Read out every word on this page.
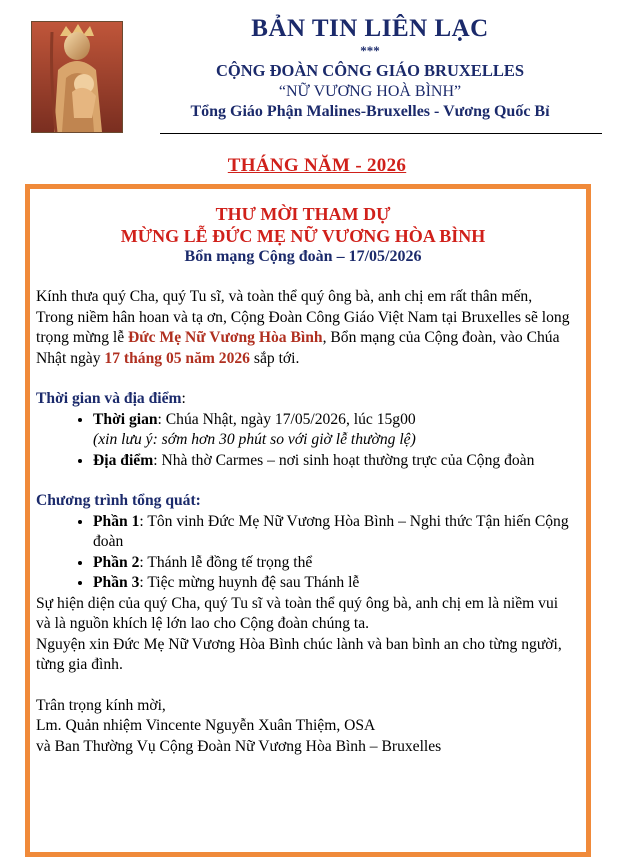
BẢN TIN LIÊN LẠC
***
CỘNG ĐOÀN CÔNG GIÁO BRUXELLES
“NỮ VƯƠNG HOÀ BÌNH”
Tổng Giáo Phận Malines-Bruxelles - Vương Quốc Bỉ
THÁNG NĂM - 2026
THƯ MỜI THAM DỰ
MỪNG LỄ ĐỨC MẸ NỮ VƯƠNG HÒA BÌNH
Bổn mạng Cộng đoàn – 17/05/2026
Kính thưa quý Cha, quý Tu sĩ, và toàn thể quý ông bà, anh chị em rất thân mến,
Trong niềm hân hoan và tạ ơn, Cộng Đoàn Công Giáo Việt Nam tại Bruxelles sẽ long trọng mừng lễ Đức Mẹ Nữ Vương Hòa Bình, Bổn mạng của Cộng đoàn, vào Chúa Nhật ngày 17 tháng 05 năm 2026 sắp tới.
Thời gian và địa điểm:
• Thời gian: Chúa Nhật, ngày 17/05/2026, lúc 15g00
(xin lưu ý: sớm hơn 30 phút so với giờ lễ thường lệ)
• Địa điểm: Nhà thờ Carmes – nơi sinh hoạt thường trực của Cộng đoàn
Chương trình tổng quát:
• Phần 1: Tôn vinh Đức Mẹ Nữ Vương Hòa Bình – Nghi thức Tận hiến Cộng đoàn
• Phần 2: Thánh lễ đồng tế trọng thể
• Phần 3: Tiệc mừng huynh đệ sau Thánh lễ
Sự hiện diện của quý Cha, quý Tu sĩ và toàn thể quý ông bà, anh chị em là niềm vui và là nguồn khích lệ lớn lao cho Cộng đoàn chúng ta.
Nguyện xin Đức Mẹ Nữ Vương Hòa Bình chúc lành và ban bình an cho từng người, từng gia đình.
Trân trọng kính mời,
Lm. Quản nhiệm Vincente Nguyễn Xuân Thiệm, OSA
và Ban Thường Vụ Cộng Đoàn Nữ Vương Hòa Bình – Bruxelles
